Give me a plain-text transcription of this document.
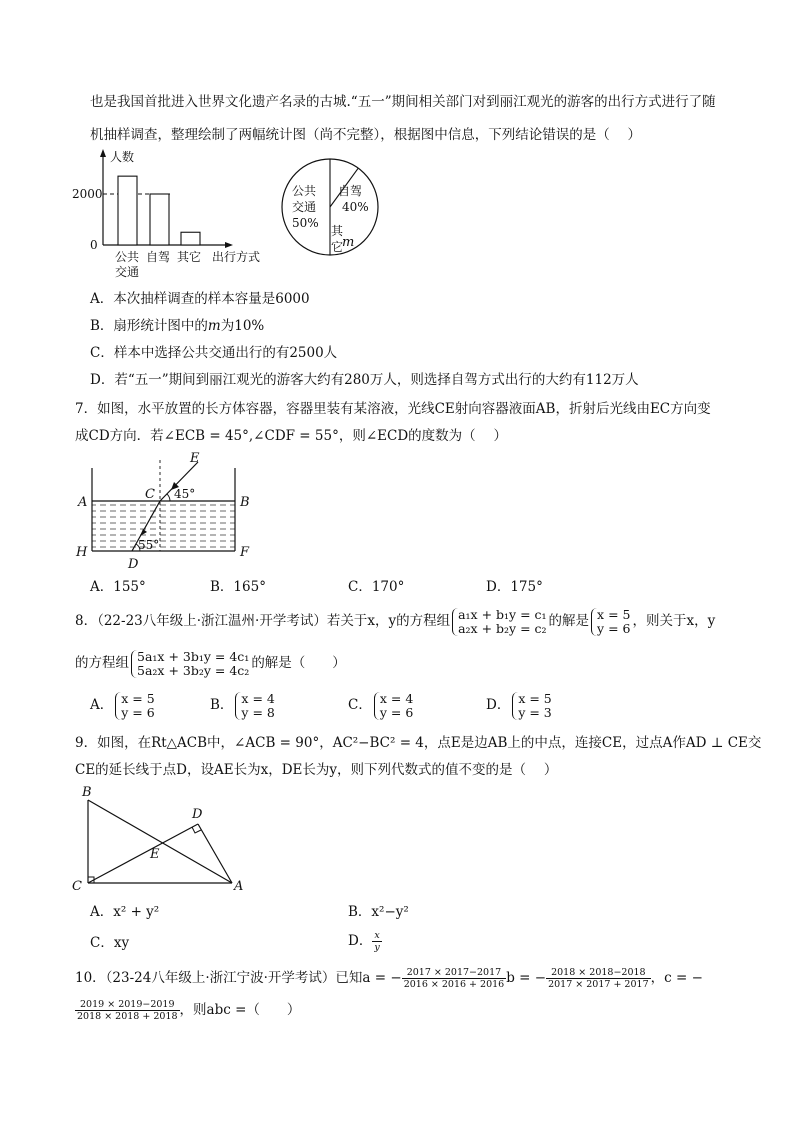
也是我国首批进入世界文化遗产名录的古城.“五一”期间相关部门对到丽江观光的游客的出行方式进行了随
机抽样调查，整理绘制了两幅统计图（尚不完整），根据图中信息，下列结论错误的是（　 ）
人数
2000
0
公共
交通
自驾 其它 出行方式
公共
交通
50%
自驾
40%
其
它
m
A．本次抽样调查的样本容量是6000
B．扇形统计图中的m为10%
C．样本中选择公共交通出行的有2500人
D．若“五一”期间到丽江观光的游客大约有280万人，则选择自驾方式出行的大约有112万人
7．如图，水平放置的长方体容器，容器里装有某溶液，光线CE射向容器液面AB，折射后光线由EC方向变
成CD方向．若∠ECB = 45°,∠CDF = 55°，则∠ECD的度数为（　 ）
E
C 45°
A	B
H	F
D
55°
A．155°	B．165°	C．170°	D．175°
8．（22-23八年级上·浙江温州·开学考试）若关于x，y的方程组 a₁x + b₁y = c₁
a₂x + b₂y = c₂ 的解是 x = 5
y = 6 ，则关于x，y
的方程组 5a₁x + 3b₁y = 4c₁
5a₂x + 3b₂y = 4c₂ 的解是（　　）
A． x = 5
y = 6	B． x = 4
y = 8	C． x = 4
y = 6	D． x = 5
y = 3
9．如图，在Rt△ACB中，∠ACB = 90°，AC²−BC² = 4，点E是边AB上的中点，连接CE，过点A作AD ⊥ CE交
CE的延长线于点D，设AE长为x，DE长为y，则下列代数式的值不变的是（　 ）
B
D
E
C	A
A．x² + y²	B．x²−y²
C．xy	D． $\frac{x}{y}$
10．（23-24八年级上·浙江宁波·开学考试）已知a = − $\frac{2017 \times 2017-2017}{2016 \times 2016 + 2016}$ b = − $\frac{2018 \times 2018-2018}{2017 \times 2017 + 2017}$ ，c = −
$\frac{2019 \times 2019-2019}{2018 \times 2018 + 2018}$ ，则abc =（　　）
